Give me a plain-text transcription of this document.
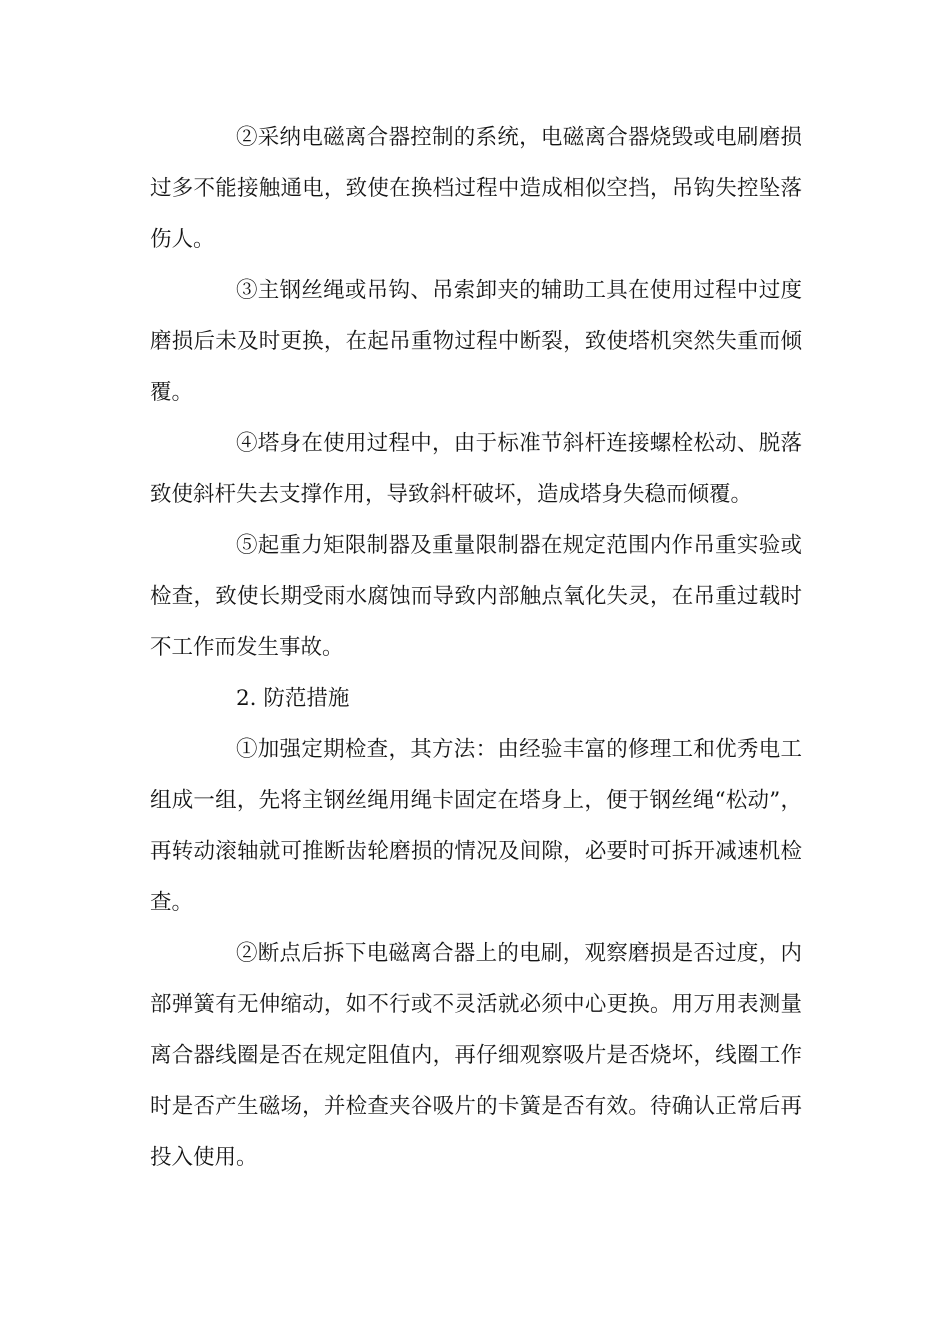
②采纳电磁离合器控制的系统，电磁离合器烧毁或电刷磨损过多不能接触通电，致使在换档过程中造成相似空挡，吊钩失控坠落伤人。

③主钢丝绳或吊钩、吊索卸夹的辅助工具在使用过程中过度磨损后未及时更换，在起吊重物过程中断裂，致使塔机突然失重而倾覆。

④塔身在使用过程中，由于标准节斜杆连接螺栓松动、脱落致使斜杆失去支撑作用，导致斜杆破坏，造成塔身失稳而倾覆。

⑤起重力矩限制器及重量限制器在规定范围内作吊重实验或检查，致使长期受雨水腐蚀而导致内部触点氧化失灵，在吊重过载时不工作而发生事故。

2. 防范措施

①加强定期检查，其方法：由经验丰富的修理工和优秀电工组成一组，先将主钢丝绳用绳卡固定在塔身上，便于钢丝绳“松动”，再转动滚轴就可推断齿轮磨损的情况及间隙，必要时可拆开减速机检查。

②断点后拆下电磁离合器上的电刷，观察磨损是否过度，内部弹簧有无伸缩动，如不行或不灵活就必须中心更换。用万用表测量离合器线圈是否在规定阻值内，再仔细观察吸片是否烧坏，线圈工作时是否产生磁场，并检查夹谷吸片的卡簧是否有效。待确认正常后再投入使用。
